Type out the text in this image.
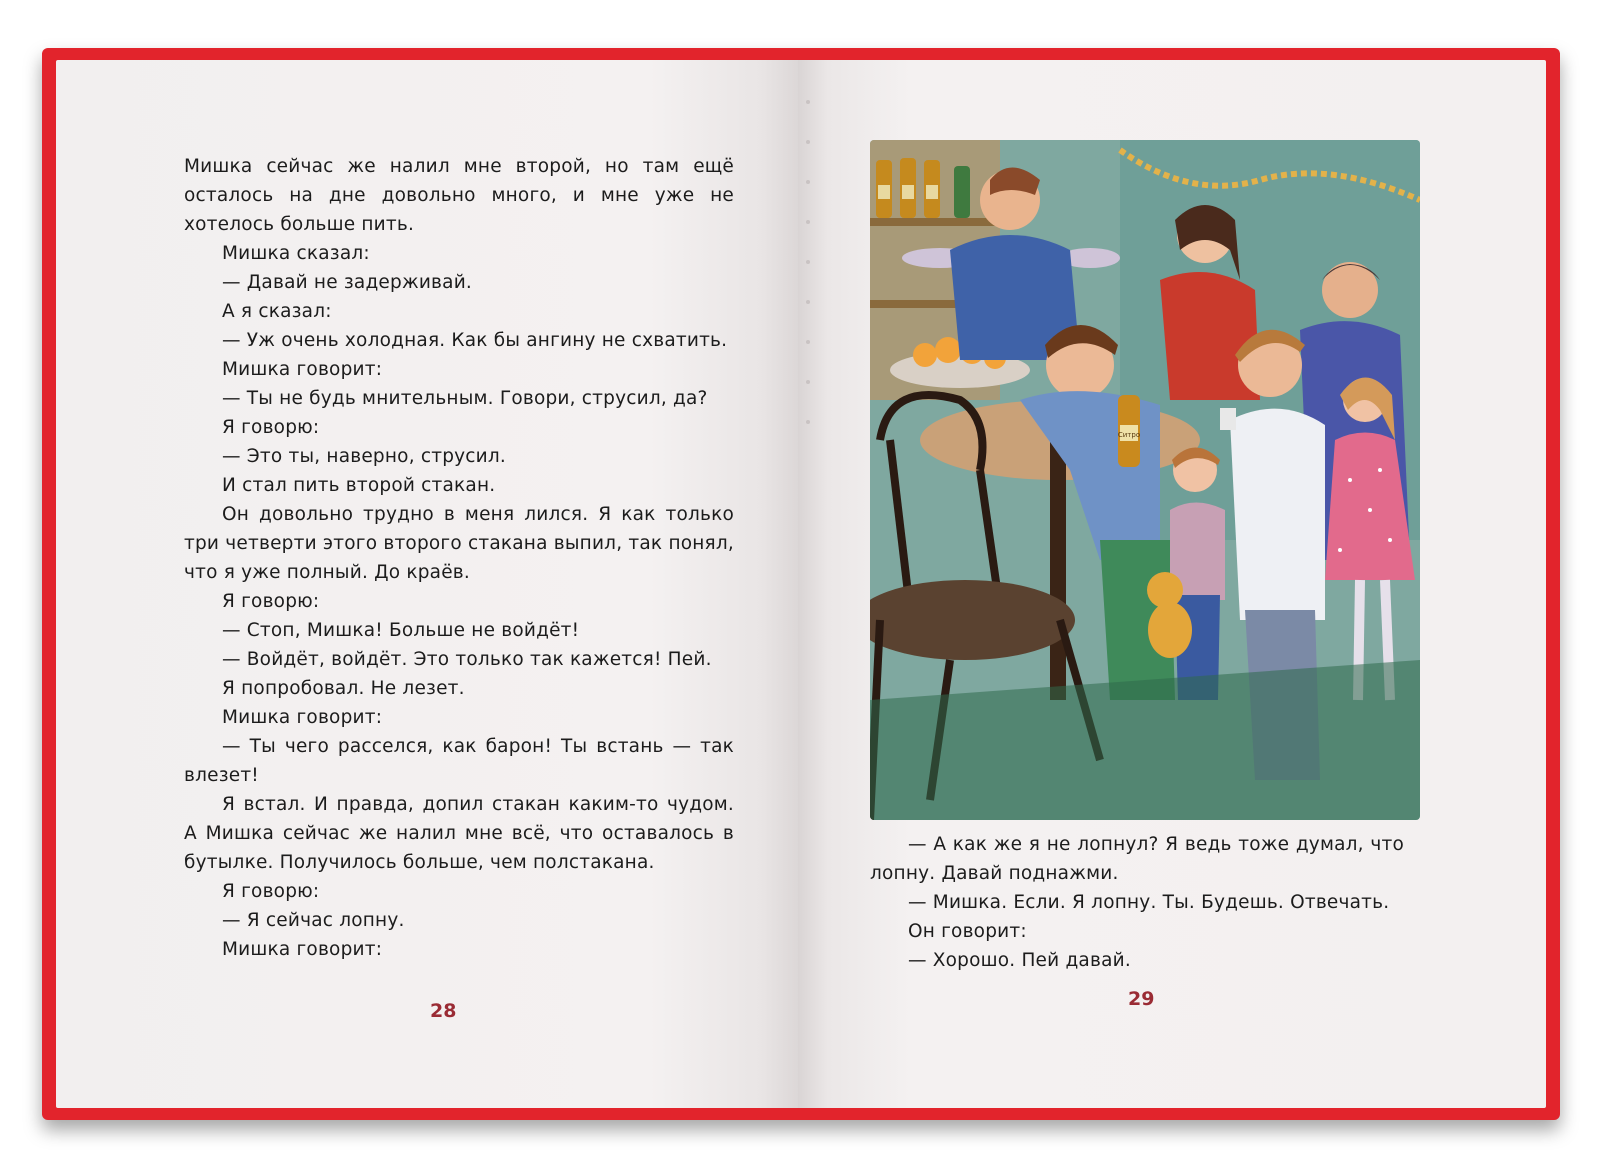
Мишка сейчас же налил мне второй, но там ещё осталось на дне довольно много, и мне уже не хотелось больше пить.

Мишка сказал:

— Давай не задерживай.

А я сказал:

— Уж очень холодная. Как бы ангину не схватить.

Мишка говорит:

— Ты не будь мнительным. Говори, струсил, да?

Я говорю:

— Это ты, наверно, струсил.

И стал пить второй стакан.

Он довольно трудно в меня лился. Я как только три четверти этого второго стакана выпил, так понял, что я уже полный. До краёв.

Я говорю:

— Стоп, Мишка! Больше не войдёт!

— Войдёт, войдёт. Это только так кажется! Пей.

Я попробовал. Не лезет.

Мишка говорит:

— Ты чего расселся, как барон! Ты встань — так влезет!

Я встал. И правда, допил стакан каким-то чудом. А Мишка сейчас же налил мне всё, что оставалось в бутылке. Получилось больше, чем полстакана.

Я говорю:

— Я сейчас лопну.

Мишка говорит:

28
Ситро

— А как же я не лопнул? Я ведь тоже думал, что лопну. Давай поднажми.

— Мишка. Если. Я лопну. Ты. Будешь. Отвечать.

Он говорит:

— Хорошо. Пей давай.

29
